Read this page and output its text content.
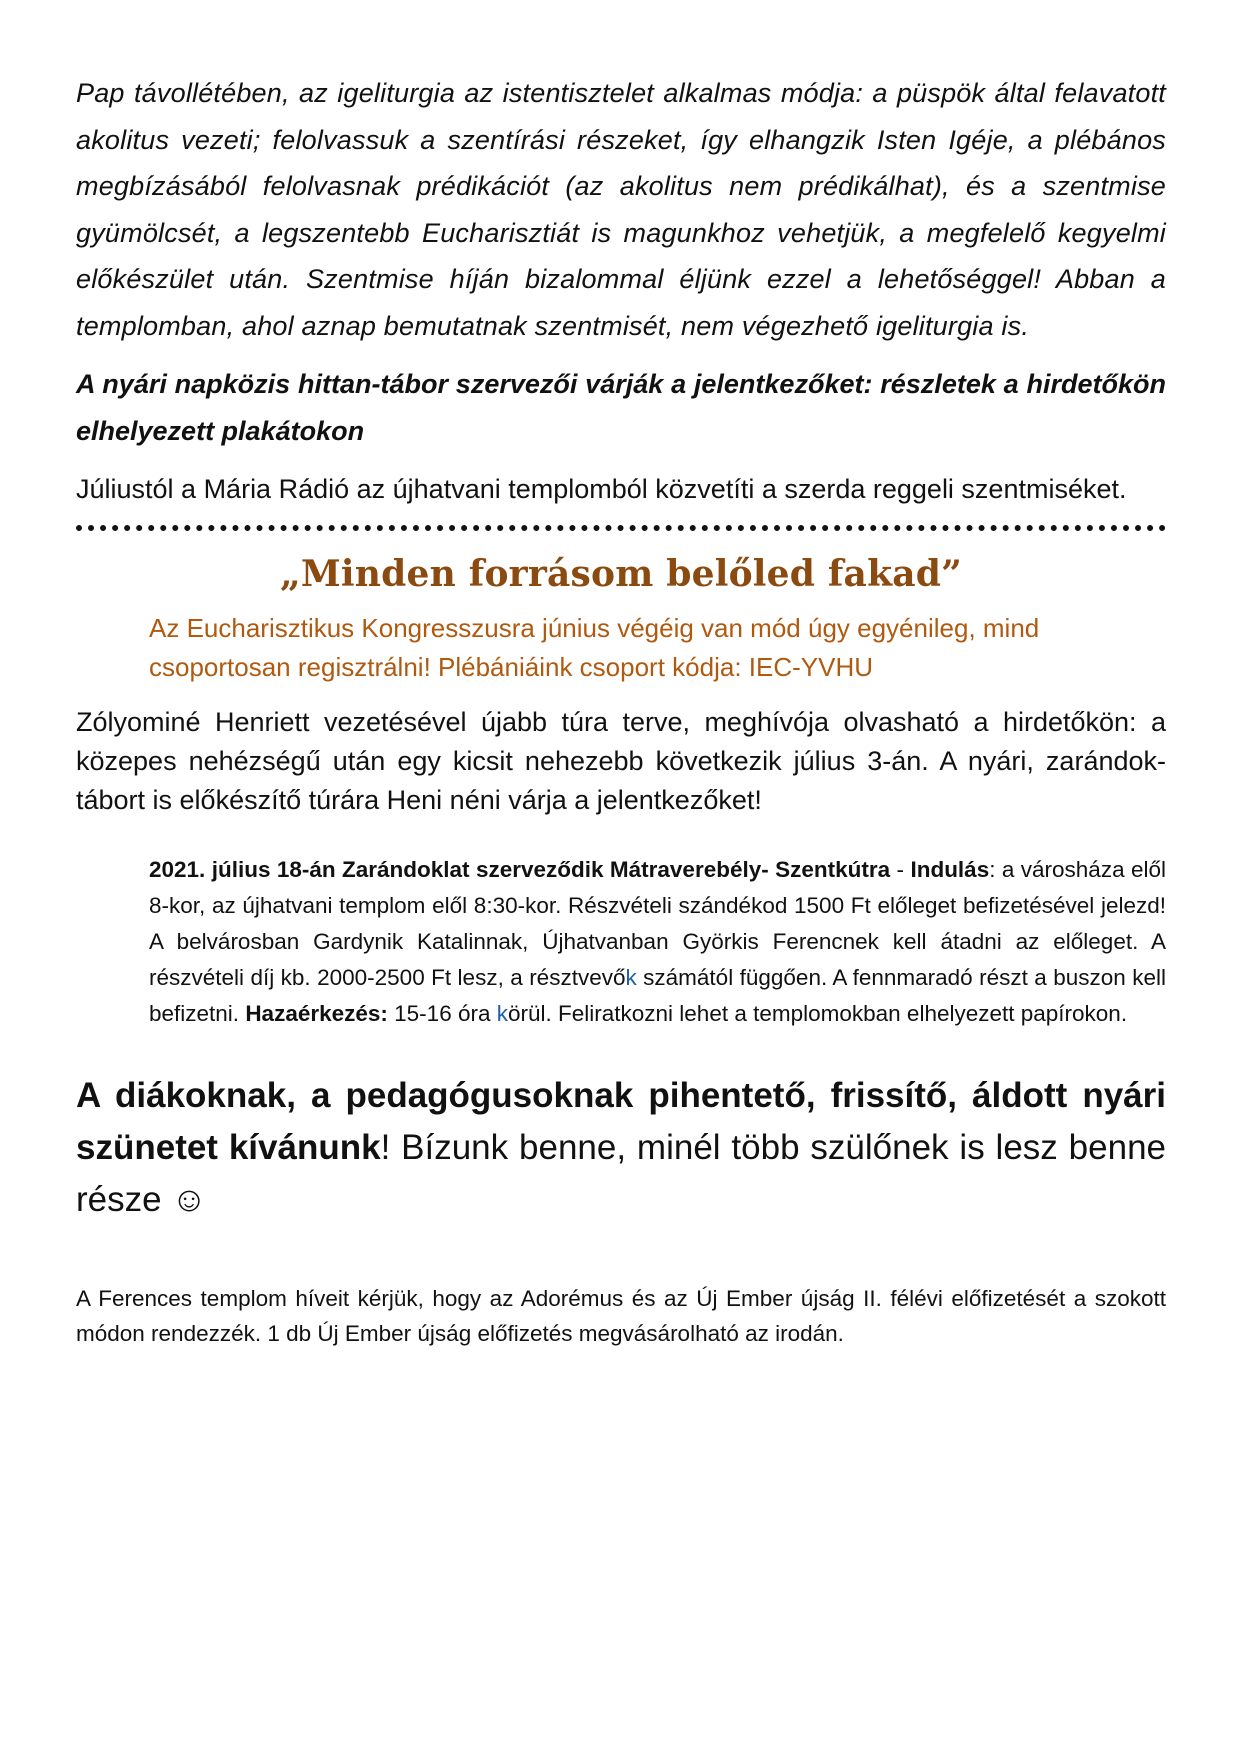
Pap távollétében, az igeliturgia az istentisztelet alkalmas módja: a püspök által felavatott akolitus vezeti; felolvassuk a szentírási részeket, így elhangzik Isten Igéje, a plébános megbízásából felolvasnak prédikációt (az akolitus nem prédikálhat), és a szentmise gyümölcsét, a legszentebb Eucharisztiát is magunkhoz vehetjük, a megfelelő kegyelmi előkészület után. Szentmise híján bizalommal éljünk ezzel a lehetőséggel! Abban a templomban, ahol aznap bemutatnak szentmisét, nem végezhető igeliturgia is.

A nyári napközis hittan-tábor szervezői várják a jelentkezőket: részletek a hirdetőkön elhelyezett plakátokon

Júliustól a Mária Rádió az újhatvani templomból közvetíti a szerda reggeli szentmiséket.

„Minden forrásom belőled fakad”

Az Eucharisztikus Kongresszusra június végéig van mód úgy egyénileg, mind csoportosan regisztrálni! Plébániáink csoport kódja: IEC-YVHU

Zólyominé Henriett vezetésével újabb túra terve, meghívója olvasható a hirdetőkön: a közepes nehézségű után egy kicsit nehezebb következik július 3-án. A nyári, zarándok-tábort is előkészítő túrára Heni néni várja a jelentkezőket!

2021. július 18-án Zarándoklat szerveződik Mátraverebély- Szentkútra - Indulás: a városháza elől 8-kor, az újhatvani templom elől 8:30-kor. Részvételi szándékod 1500 Ft előleget befizetésével jelezd! A belvárosban Gardynik Katalinnak, Újhatvanban Györkis Ferencnek kell átadni az előleget. A részvételi díj kb. 2000-2500 Ft lesz, a résztvevők számától függően. A fennmaradó részt a buszon kell befizetni. Hazaérkezés: 15-16 óra körül. Feliratkozni lehet a templomokban elhelyezett papírokon.

A diákoknak, a pedagógusoknak pihentető, frissítő, áldott nyári szünetet kívánunk! Bízunk benne, minél több szülőnek is lesz benne része ☺

A Ferences templom híveit kérjük, hogy az Adorémus és az Új Ember újság II. félévi előfizetését a szokott módon rendezzék. 1 db Új Ember újság előfizetés megvásárolható az irodán.
